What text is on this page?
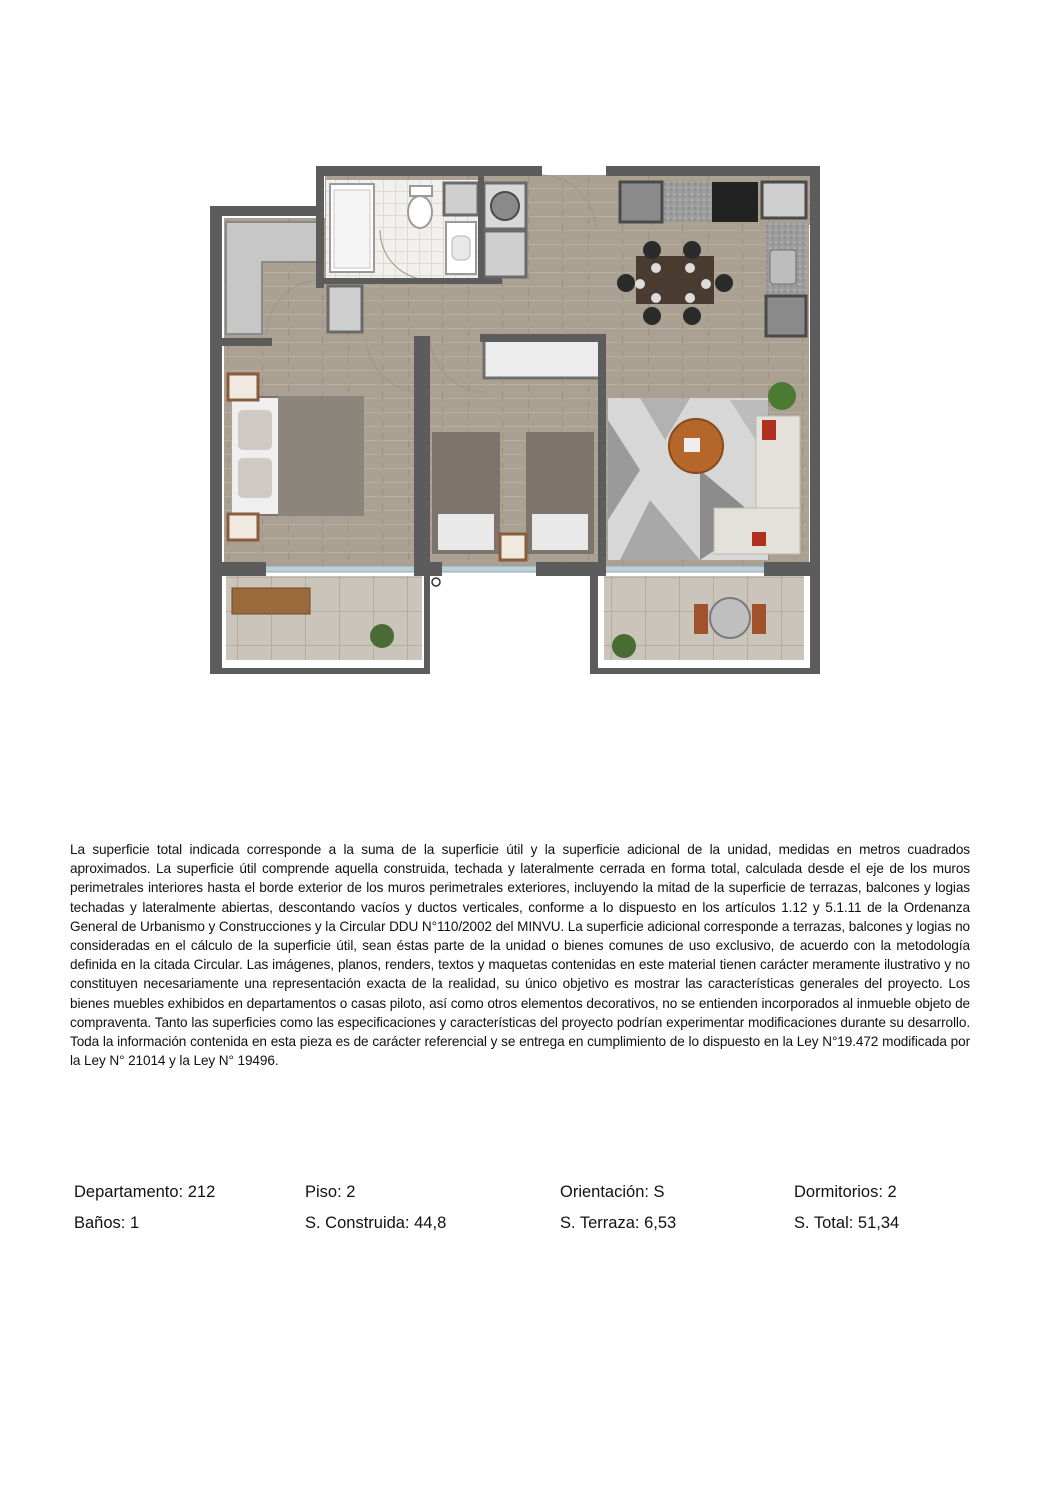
La superficie total indicada corresponde a la suma de la superficie útil y la superficie adicional de la unidad, medidas en metros cuadrados aproximados. La superficie útil comprende aquella construida, techada y lateralmente cerrada en forma total, calculada desde el eje de los muros perimetrales interiores hasta el borde exterior de los muros perimetrales exteriores, incluyendo la mitad de la superficie de terrazas, balcones y logias techadas y lateralmente abiertas, descontando vacíos y ductos verticales, conforme a lo dispuesto en los artículos 1.12 y 5.1.11 de la Ordenanza General de Urbanismo y Construcciones y la Circular DDU N°110/2002 del MINVU. La superficie adicional corresponde a terrazas, balcones y logias no consideradas en el cálculo de la superficie útil, sean éstas parte de la unidad o bienes comunes de uso exclusivo, de acuerdo con la metodología definida en la citada Circular. Las imágenes, planos, renders, textos y maquetas contenidas en este material tienen carácter meramente ilustrativo y no constituyen necesariamente una representación exacta de la realidad, su único objetivo es mostrar las características generales del proyecto. Los bienes muebles exhibidos en departamentos o casas piloto, así como otros elementos decorativos, no se entienden incorporados al inmueble objeto de compraventa. Tanto las superficies como las especificaciones y características del proyecto podrían experimentar modificaciones durante su desarrollo. Toda la información contenida en esta pieza es de carácter referencial y se entrega en cumplimiento de lo dispuesto en la Ley N°19.472 modificada por la Ley N° 21014 y la Ley N° 19496.
Departamento: 212	Piso: 2	Orientación: S	Dormitorios: 2
Baños: 1	S. Construida: 44,8	S. Terraza: 6,53	S. Total: 51,34
